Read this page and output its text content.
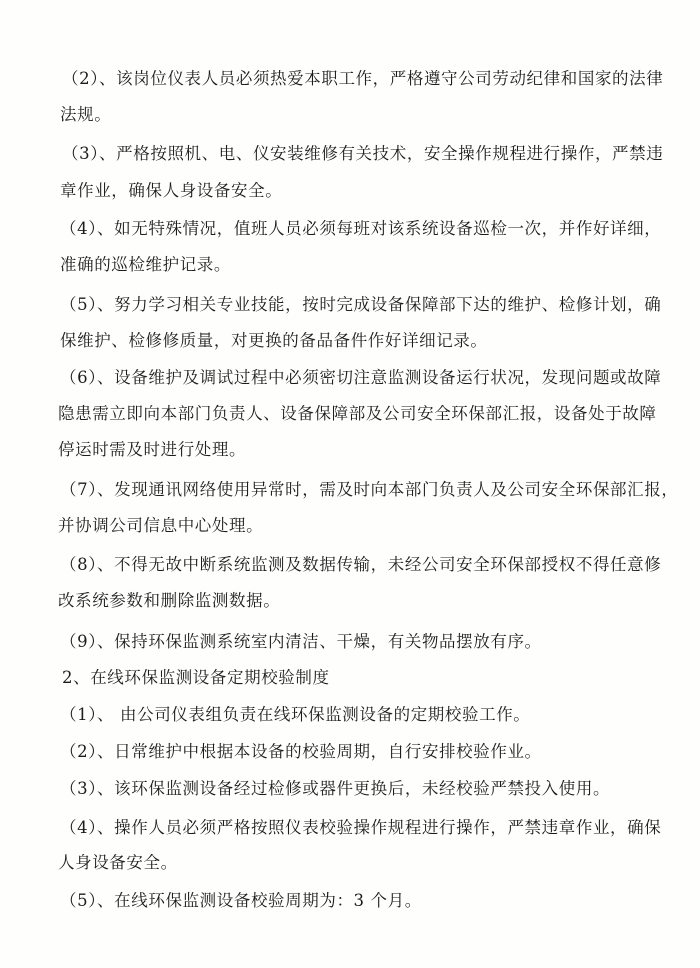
（2）、该岗位仪表人员必须热爱本职工作，严格遵守公司劳动纪律和国家的法律
法规。
（3）、严格按照机、电、仪安装维修有关技术，安全操作规程进行操作，严禁违
章作业，确保人身设备安全。
（4）、如无特殊情况，值班人员必须每班对该系统设备巡检一次，并作好详细，
准确的巡检维护记录。
（5）、努力学习相关专业技能，按时完成设备保障部下达的维护、检修计划，确
保维护、检修修质量，对更换的备品备件作好详细记录。
（6）、设备维护及调试过程中必须密切注意监测设备运行状况，发现问题或故障
隐患需立即向本部门负责人、设备保障部及公司安全环保部汇报，设备处于故障
停运时需及时进行处理。
（7）、发现通讯网络使用异常时，需及时向本部门负责人及公司安全环保部汇报，
并协调公司信息中心处理。
（8）、不得无故中断系统监测及数据传输，未经公司安全环保部授权不得任意修
改系统参数和删除监测数据。
（9）、保持环保监测系统室内清洁、干燥，有关物品摆放有序。
2、在线环保监测设备定期校验制度
（1）、 由公司仪表组负责在线环保监测设备的定期校验工作。
（2）、日常维护中根据本设备的校验周期，自行安排校验作业。
（3）、该环保监测设备经过检修或器件更换后，未经校验严禁投入使用。
（4）、操作人员必须严格按照仪表校验操作规程进行操作，严禁违章作业，确保
人身设备安全。
（5）、在线环保监测设备校验周期为：3 个月。
